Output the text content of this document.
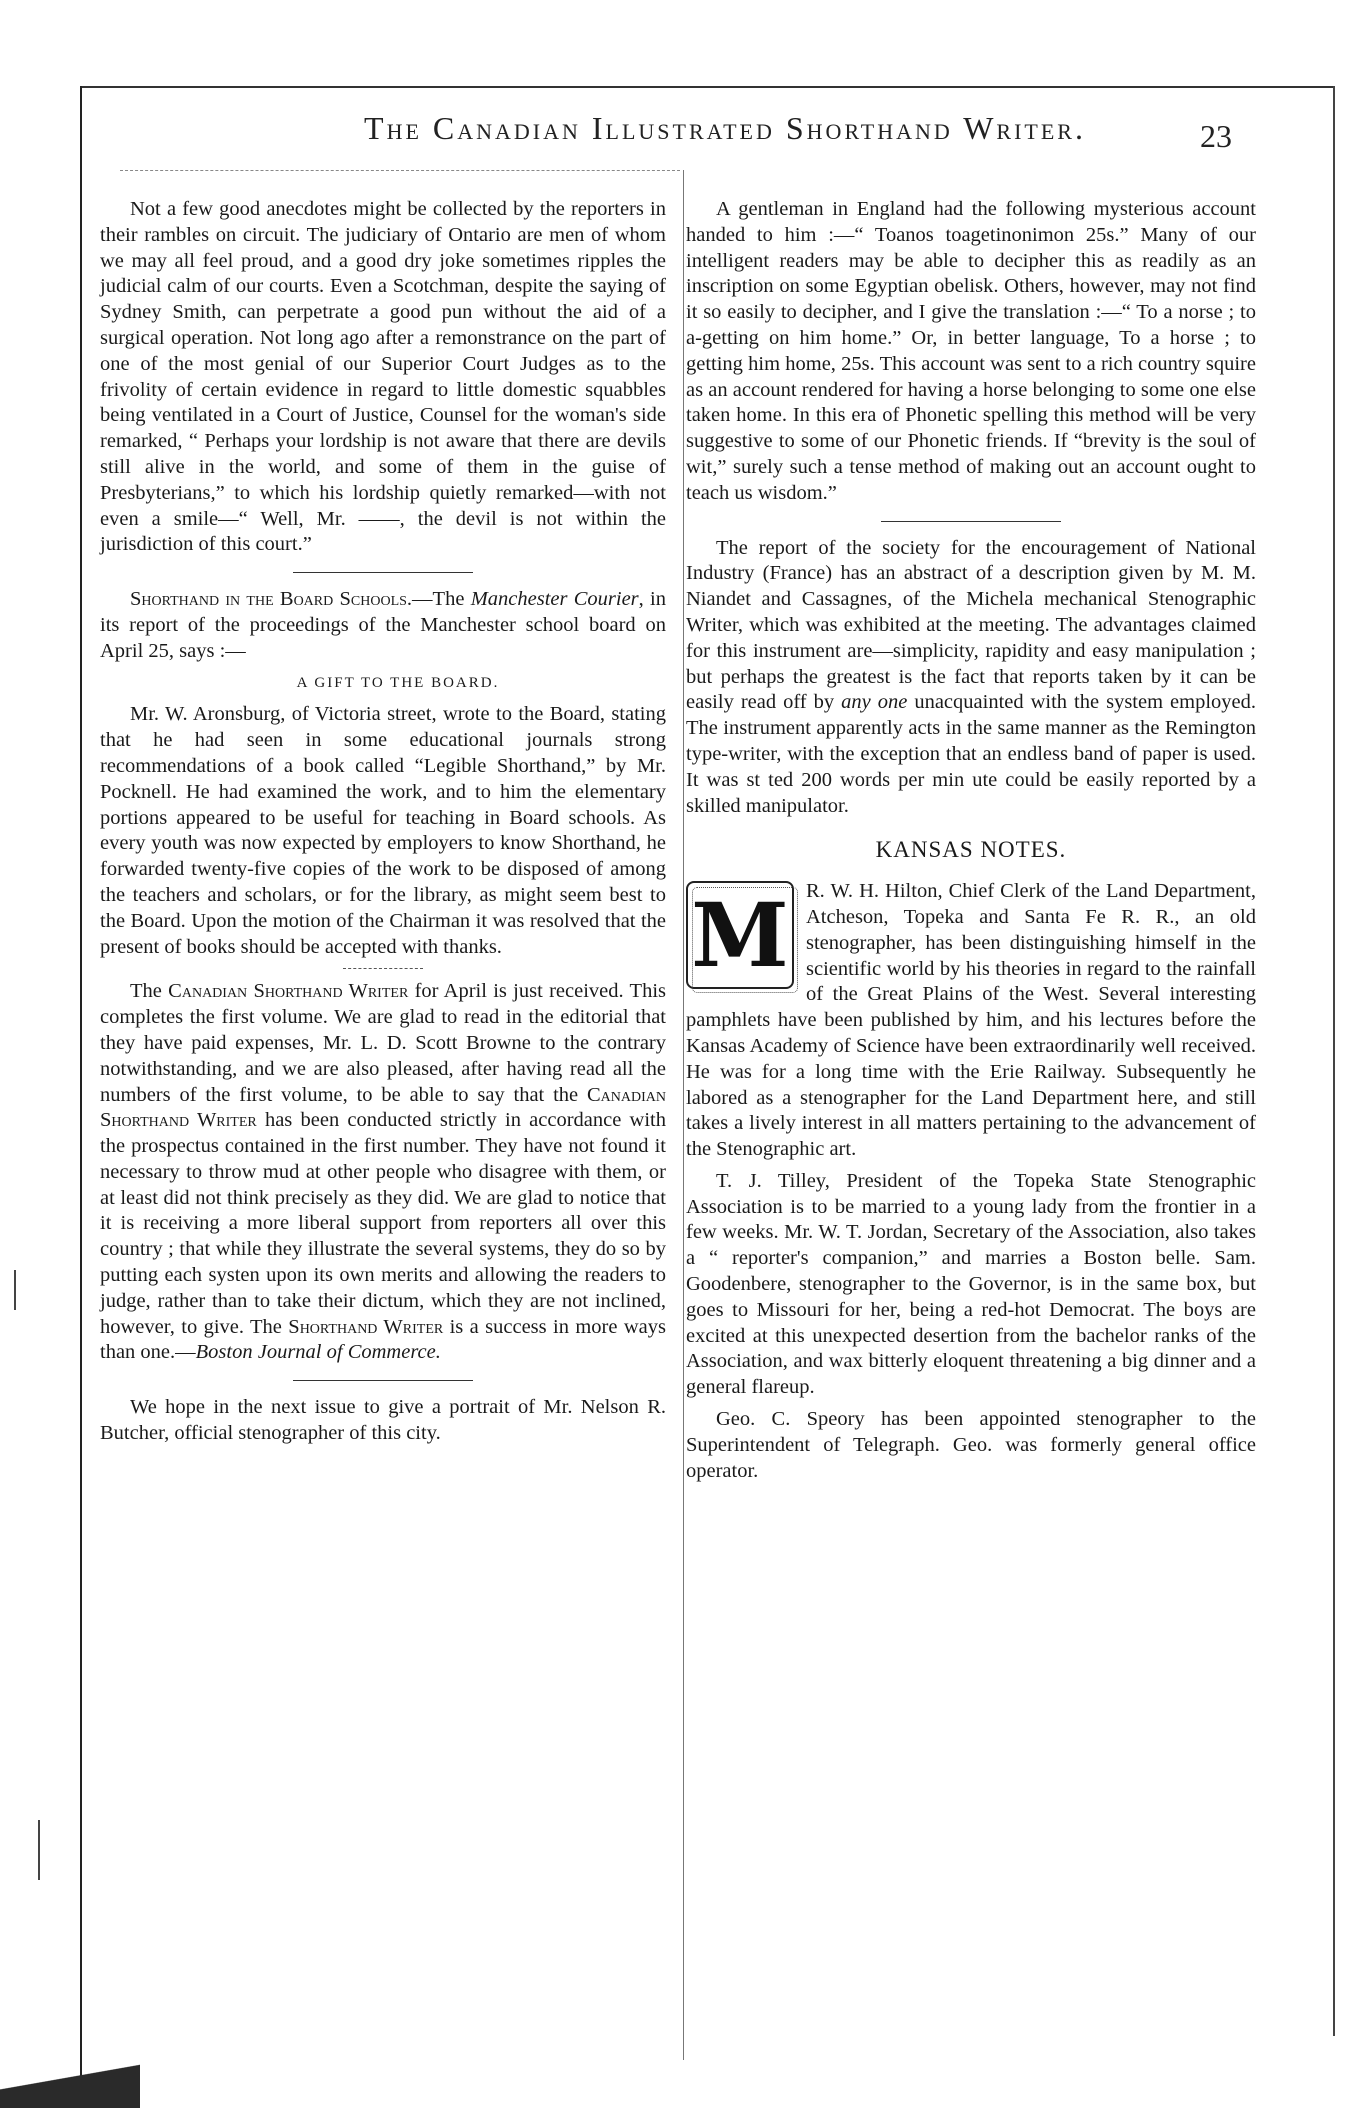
The Canadian Illustrated Shorthand Writer.	23

Not a few good anecdotes might be collected by the reporters in their rambles on circuit. The judiciary of Ontario are men of whom we may all feel proud, and a good dry joke sometimes ripples the judicial calm of our courts. Even a Scotchman, despite the saying of Sydney Smith, can perpetrate a good pun without the aid of a surgical operation. Not long ago after a remonstrance on the part of one of the most genial of our Superior Court Judges as to the frivolity of certain evidence in regard to little domestic squabbles being ventilated in a Court of Justice, Counsel for the woman's side remarked, “ Perhaps your lordship is not aware that there are devils still alive in the world, and some of them in the guise of Presbyterians,” to which his lordship quietly remarked—with not even a smile—“ Well, Mr. ——, the devil is not within the jurisdiction of this court.”

Shorthand in the Board Schools.—The Manchester Courier, in its report of the proceedings of the Manchester school board on April 25, says :—

A GIFT TO THE BOARD.

Mr. W. Aronsburg, of Victoria street, wrote to the Board, stating that he had seen in some educational journals strong recommendations of a book called “Legible Shorthand,” by Mr. Pocknell. He had examined the work, and to him the elementary portions appeared to be useful for teaching in Board schools. As every youth was now expected by employers to know Shorthand, he forwarded twenty-five copies of the work to be disposed of among the teachers and scholars, or for the library, as might seem best to the Board. Upon the motion of the Chairman it was resolved that the present of books should be accepted with thanks.

The Canadian Shorthand Writer for April is just received. This completes the first volume. We are glad to read in the editorial that they have paid expenses, Mr. L. D. Scott Browne to the contrary notwithstanding, and we are also pleased, after having read all the numbers of the first volume, to be able to say that the Canadian Shorthand Writer has been conducted strictly in accordance with the prospectus contained in the first number. They have not found it necessary to throw mud at other people who disagree with them, or at least did not think precisely as they did. We are glad to notice that it is receiving a more liberal support from reporters all over this country ; that while they illustrate the several systems, they do so by putting each systen upon its own merits and allowing the readers to judge, rather than to take their dictum, which they are not inclined, however, to give. The Shorthand Writer is a success in more ways than one.—Boston Journal of Commerce.

We hope in the next issue to give a portrait of Mr. Nelson R. Butcher, official stenographer of this city.

A gentleman in England had the following mysterious account handed to him :—“ Toanos toagetinonimon 25s.” Many of our intelligent readers may be able to decipher this as readily as an inscription on some Egyptian obelisk. Others, however, may not find it so easily to decipher, and I give the translation :—“ To a norse ; to a-getting on him home.” Or, in better language, To a horse ; to getting him home, 25s. This account was sent to a rich country squire as an account rendered for having a horse belonging to some one else taken home. In this era of Phonetic spelling this method will be very suggestive to some of our Phonetic friends. If “brevity is the soul of wit,” surely such a tense method of making out an account ought to teach us wisdom.”

The report of the society for the encouragement of National Industry (France) has an abstract of a description given by M. M. Niandet and Cassagnes, of the Michela mechanical Stenographic Writer, which was exhibited at the meeting. The advantages claimed for this instrument are—simplicity, rapidity and easy manipulation ; but perhaps the greatest is the fact that reports taken by it can be easily read off by any one unacquainted with the system employed. The instrument apparently acts in the same manner as the Remington type-writer, with the exception that an endless band of paper is used. It was st ted 200 words per min ute could be easily reported by a skilled manipulator.

KANSAS NOTES.

M R. W. H. Hilton, Chief Clerk of the Land Department, Atcheson, Topeka and Santa Fe R. R., an old stenographer, has been distinguishing himself in the scientific world by his theories in regard to the rainfall of the Great Plains of the West. Several interesting pamphlets have been published by him, and his lectures before the Kansas Academy of Science have been extraordinarily well received. He was for a long time with the Erie Railway. Subsequently he labored as a stenographer for the Land Department here, and still takes a lively interest in all matters pertaining to the advancement of the Stenographic art.

T. J. Tilley, President of the Topeka State Stenographic Association is to be married to a young lady from the frontier in a few weeks. Mr. W. T. Jordan, Secretary of the Association, also takes a “ reporter's companion,” and marries a Boston belle. Sam. Goodenbere, stenographer to the Governor, is in the same box, but goes to Missouri for her, being a red-hot Democrat. The boys are excited at this unexpected desertion from the bachelor ranks of the Association, and wax bitterly eloquent threatening a big dinner and a general flareup.

Geo. C. Speory has been appointed stenographer to the Superintendent of Telegraph. Geo. was formerly general office operator.
